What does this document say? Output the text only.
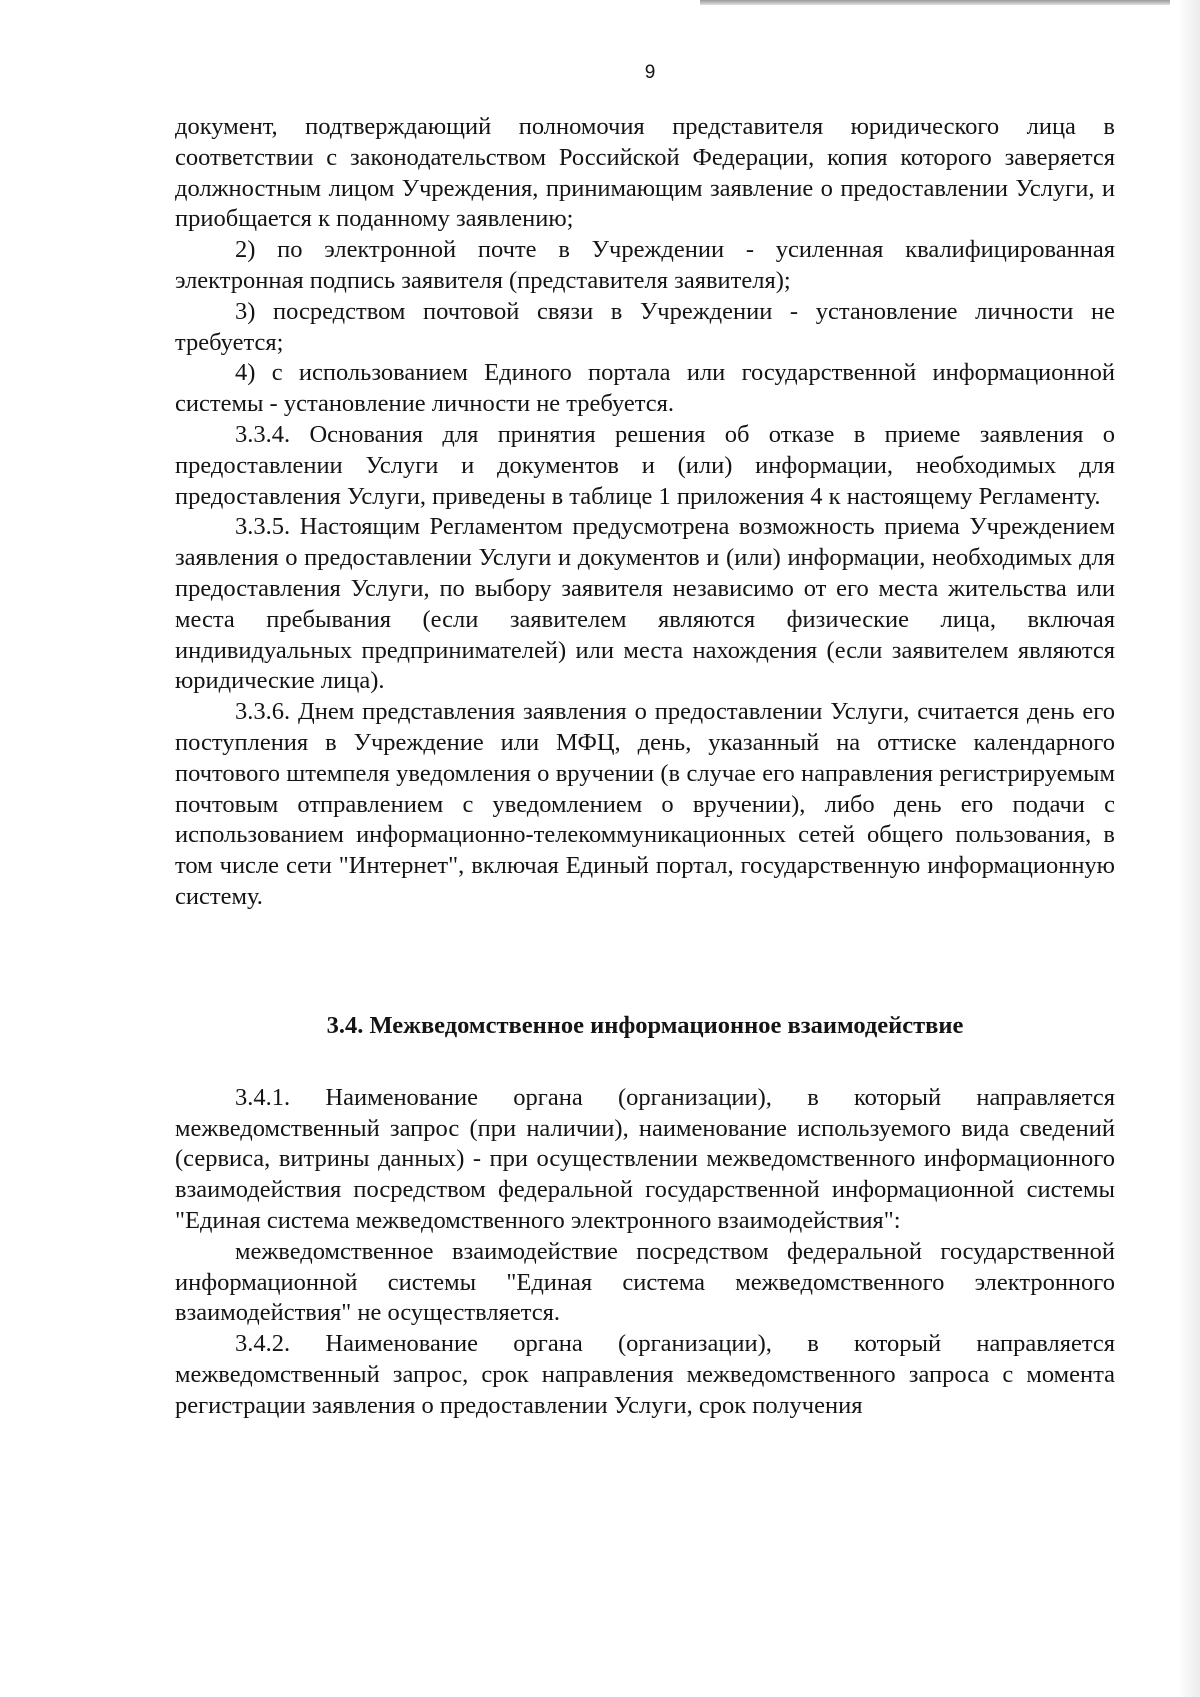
9

документ, подтверждающий полномочия представителя юридического лица в соответствии с законодательством Российской Федерации, копия которого заверяется должностным лицом Учреждения, принимающим заявление о предоставлении Услуги, и приобщается к поданному заявлению;

2) по электронной почте в Учреждении - усиленная квалифицированная электронная подпись заявителя (представителя заявителя);

3) посредством почтовой связи в Учреждении - установление личности не требуется;

4) с использованием Единого портала или государственной информационной системы - установление личности не требуется.

3.3.4. Основания для принятия решения об отказе в приеме заявления о предоставлении Услуги и документов и (или) информации, необходимых для предоставления Услуги, приведены в таблице 1 приложения 4 к настоящему Регламенту.

3.3.5. Настоящим Регламентом предусмотрена возможность приема Учреждением заявления о предоставлении Услуги и документов и (или) информации, необходимых для предоставления Услуги, по выбору заявителя независимо от его места жительства или места пребывания (если заявителем являются физические лица, включая индивидуальных предпринимателей) или места нахождения (если заявителем являются юридические лица).

3.3.6. Днем представления заявления о предоставлении Услуги, считается день его поступления в Учреждение или МФЦ, день, указанный на оттиске календарного почтового штемпеля уведомления о вручении (в случае его направления регистрируемым почтовым отправлением с уведомлением о вручении), либо день его подачи с использованием информационно-телекоммуникационных сетей общего пользования, в том числе сети "Интернет", включая Единый портал, государственную информационную систему.

3.4. Межведомственное информационное взаимодействие

3.4.1. Наименование органа (организации), в который направляется межведомственный запрос (при наличии), наименование используемого вида сведений (сервиса, витрины данных) - при осуществлении межведомственного информационного взаимодействия посредством федеральной государственной информационной системы "Единая система межведомственного электронного взаимодействия":

межведомственное взаимодействие посредством федеральной государственной информационной системы "Единая система межведомственного электронного взаимодействия" не осуществляется.

3.4.2. Наименование органа (организации), в который направляется межведомственный запрос, срок направления межведомственного запроса с момента регистрации заявления о предоставлении Услуги, срок получения
